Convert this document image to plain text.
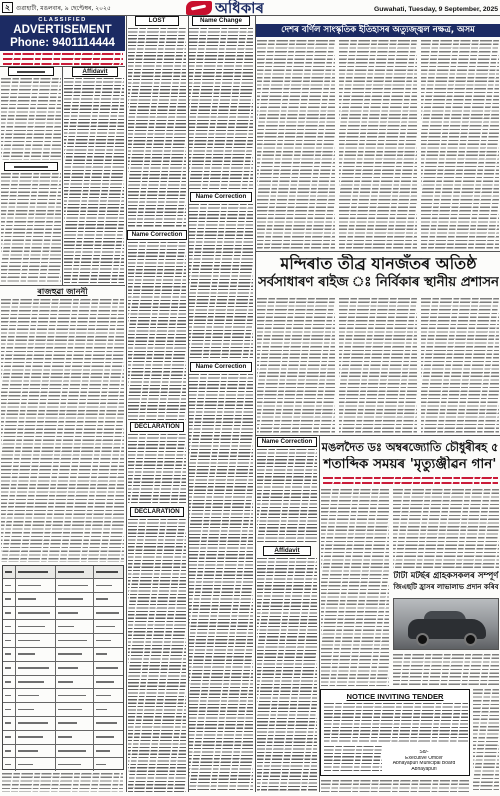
২ গুৱাহাটী, মঙলবাৰ, ৯ ছেপ্টেম্বৰ, ২০২৫	অধিকাৰ	Guwahati, Tuesday, 9 September, 2025
CLASSIFIED
ADVERTISEMENT
Phone: 9401114444
Affidavit
ৰাজহুৱা জাননী
LOST
Name Correction
DECLARATION
DECLARATION
Name Change
Name Correction
Name Correction
দেশৰ বৰ্ণিল সাংস্কৃতিক ইতিহাসৰ অত্যুজ্জ্বল নক্ষত্ৰ, অসম
মন্দিৰাত তীব্ৰ যানজঁতৰ অতিষ্ঠ
সৰ্বসাধাৰণ ৰাইজ ঃ নিৰ্বিকাৰ স্থানীয় প্ৰশাসন
Name Correction
Affidavit
মঙলদৈত ডঃ অম্বৰজ্যোতি চৌধুৰীৰহ ৫
শতাব্দিক সময়ৰ 'মৃত্যুঞ্জীৱন গান'
টাটা মটৰ্ছৰ গ্ৰাহকসকলৰ সম্পূৰ্ণ
জিএছটি হ্ৰাসৰ লাভালাভ প্ৰদান কৰিব
NOTICE INVITING TENDER
Sd/-
Executive Officer
Abhayapuri Municipal Board
Abhayapuri
